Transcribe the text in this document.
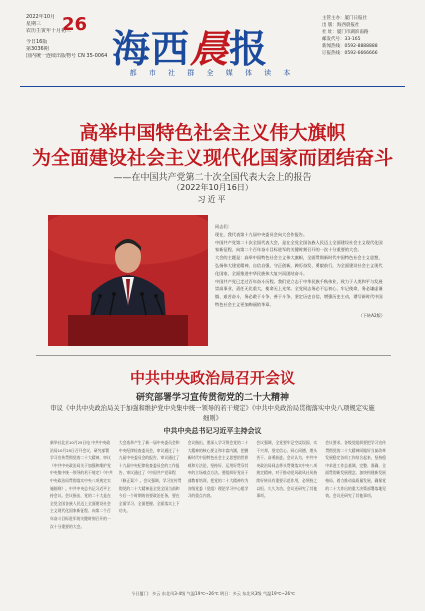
2022年10月
星期三
农历壬寅年十月初三
今日16版
第3036期
国内统一连续出版物号 CN 35-0064
26
海西晨报
主管主办：厦门日报社
出 版：海西晨报社
社 址：厦门市湖滨南路
邮发代号：33-165
新闻热线：0592-8888888
订报热线：0592-6666666
都 市 社 群 全 媒 体 读 本
高举中国特色社会主义伟大旗帜
为全面建设社会主义现代化国家而团结奋斗
——在中国共产党第二十次全国代表大会上的报告
（2022年10月16日）
习近平

同志们：

现在，我代表第十九届中央委员会向大会作报告。

中国共产党第二十次全国代表大会，是在全党全国各族人民迈上全面建设社会主义现代化国家新征程、向第二个百年奋斗目标进军的关键时刻召开的一次十分重要的大会。

大会的主题是：高举中国特色社会主义伟大旗帜，全面贯彻新时代中国特色社会主义思想，弘扬伟大建党精神，自信自强、守正创新，踔厉奋发、勇毅前行，为全面建设社会主义现代化国家、全面推进中华民族伟大复兴而团结奋斗。

中国共产党已走过百年奋斗历程。我们党立志于中华民族千秋伟业，致力于人类和平与发展崇高事业，责任无比重大，使命无上光荣。全党同志务必不忘初心、牢记使命，务必谦虚谨慎、艰苦奋斗，务必敢于斗争、善于斗争，坚定历史自信，增强历史主动，谱写新时代中国特色社会主义更加绚丽的华章。

（下转A2版）

中共中央政治局召开会议
研究部署学习宣传贯彻党的二十大精神
审议《中共中央政治局关于加强和维护党中央集中统一领导的若干规定》《中共中央政治局贯彻落实中央八项规定实施细则》
中共中央总书记习近平主持会议
新华社北京10月25日电 中共中央政治局10月25日召开会议，研究部署学习宣传贯彻党的二十大精神，审议《中共中央政治局关于加强和维护党中央集中统一领导的若干规定》《中共中央政治局贯彻落实中央八项规定实施细则》。中共中央总书记习近平主持会议。会议指出，党的二十大是在全党全国各族人民迈上全面建设社会主义现代化国家新征程、向第二个百年奋斗目标进军的关键时刻召开的一次十分重要的大会。
大会选举产生了新一届中央委员会和中央纪律检查委员会，审议通过了十九届中央委员会的报告，审议通过了十九届中央纪律检查委员会的工作报告，审议通过了《中国共产党章程（修正案）》。会议强调，学习宣传贯彻党的二十大精神是全党全国当前和今后一个时期的首要政治任务，要在全面学习、全面把握、全面落实上下功夫。
会议指出，要深入学习领会党的二十大精神的核心要义和丰富内涵，把握新时代中国特色社会主义思想的世界观和方法论，坚持好、运用好贯穿其中的立场观点方法。要组织好党员干部教育培训，把党的二十大精神作为各级党委（党组）理论学习中心组学习的重点内容。
会议强调，全党要牢记空谈误国、实干兴邦，坚定信心、同心同德，埋头苦干、奋勇前进。会议认为，中共中央政治局同志带头贯彻落实中央八项规定精神，对于推动党风政风社风持续好转具有重要示范作用，必须持之以恒、久久为功。会议还研究了其他事项。
会议要求，各级党组织要把学习宣传贯彻党的二十大精神同做好当前改革发展稳定各项工作结合起来，坚持稳中求进工作总基调，完整、准确、全面贯彻新发展理念，加快构建新发展格局，着力推动高质量发展，确保党的二十大作出的重大决策部署落地见效。会议还研究了其他事项。
今日厦门：多云 东北风3-4级 气温19℃~26℃ 明日：多云 东北风3级 气温19℃~26℃
